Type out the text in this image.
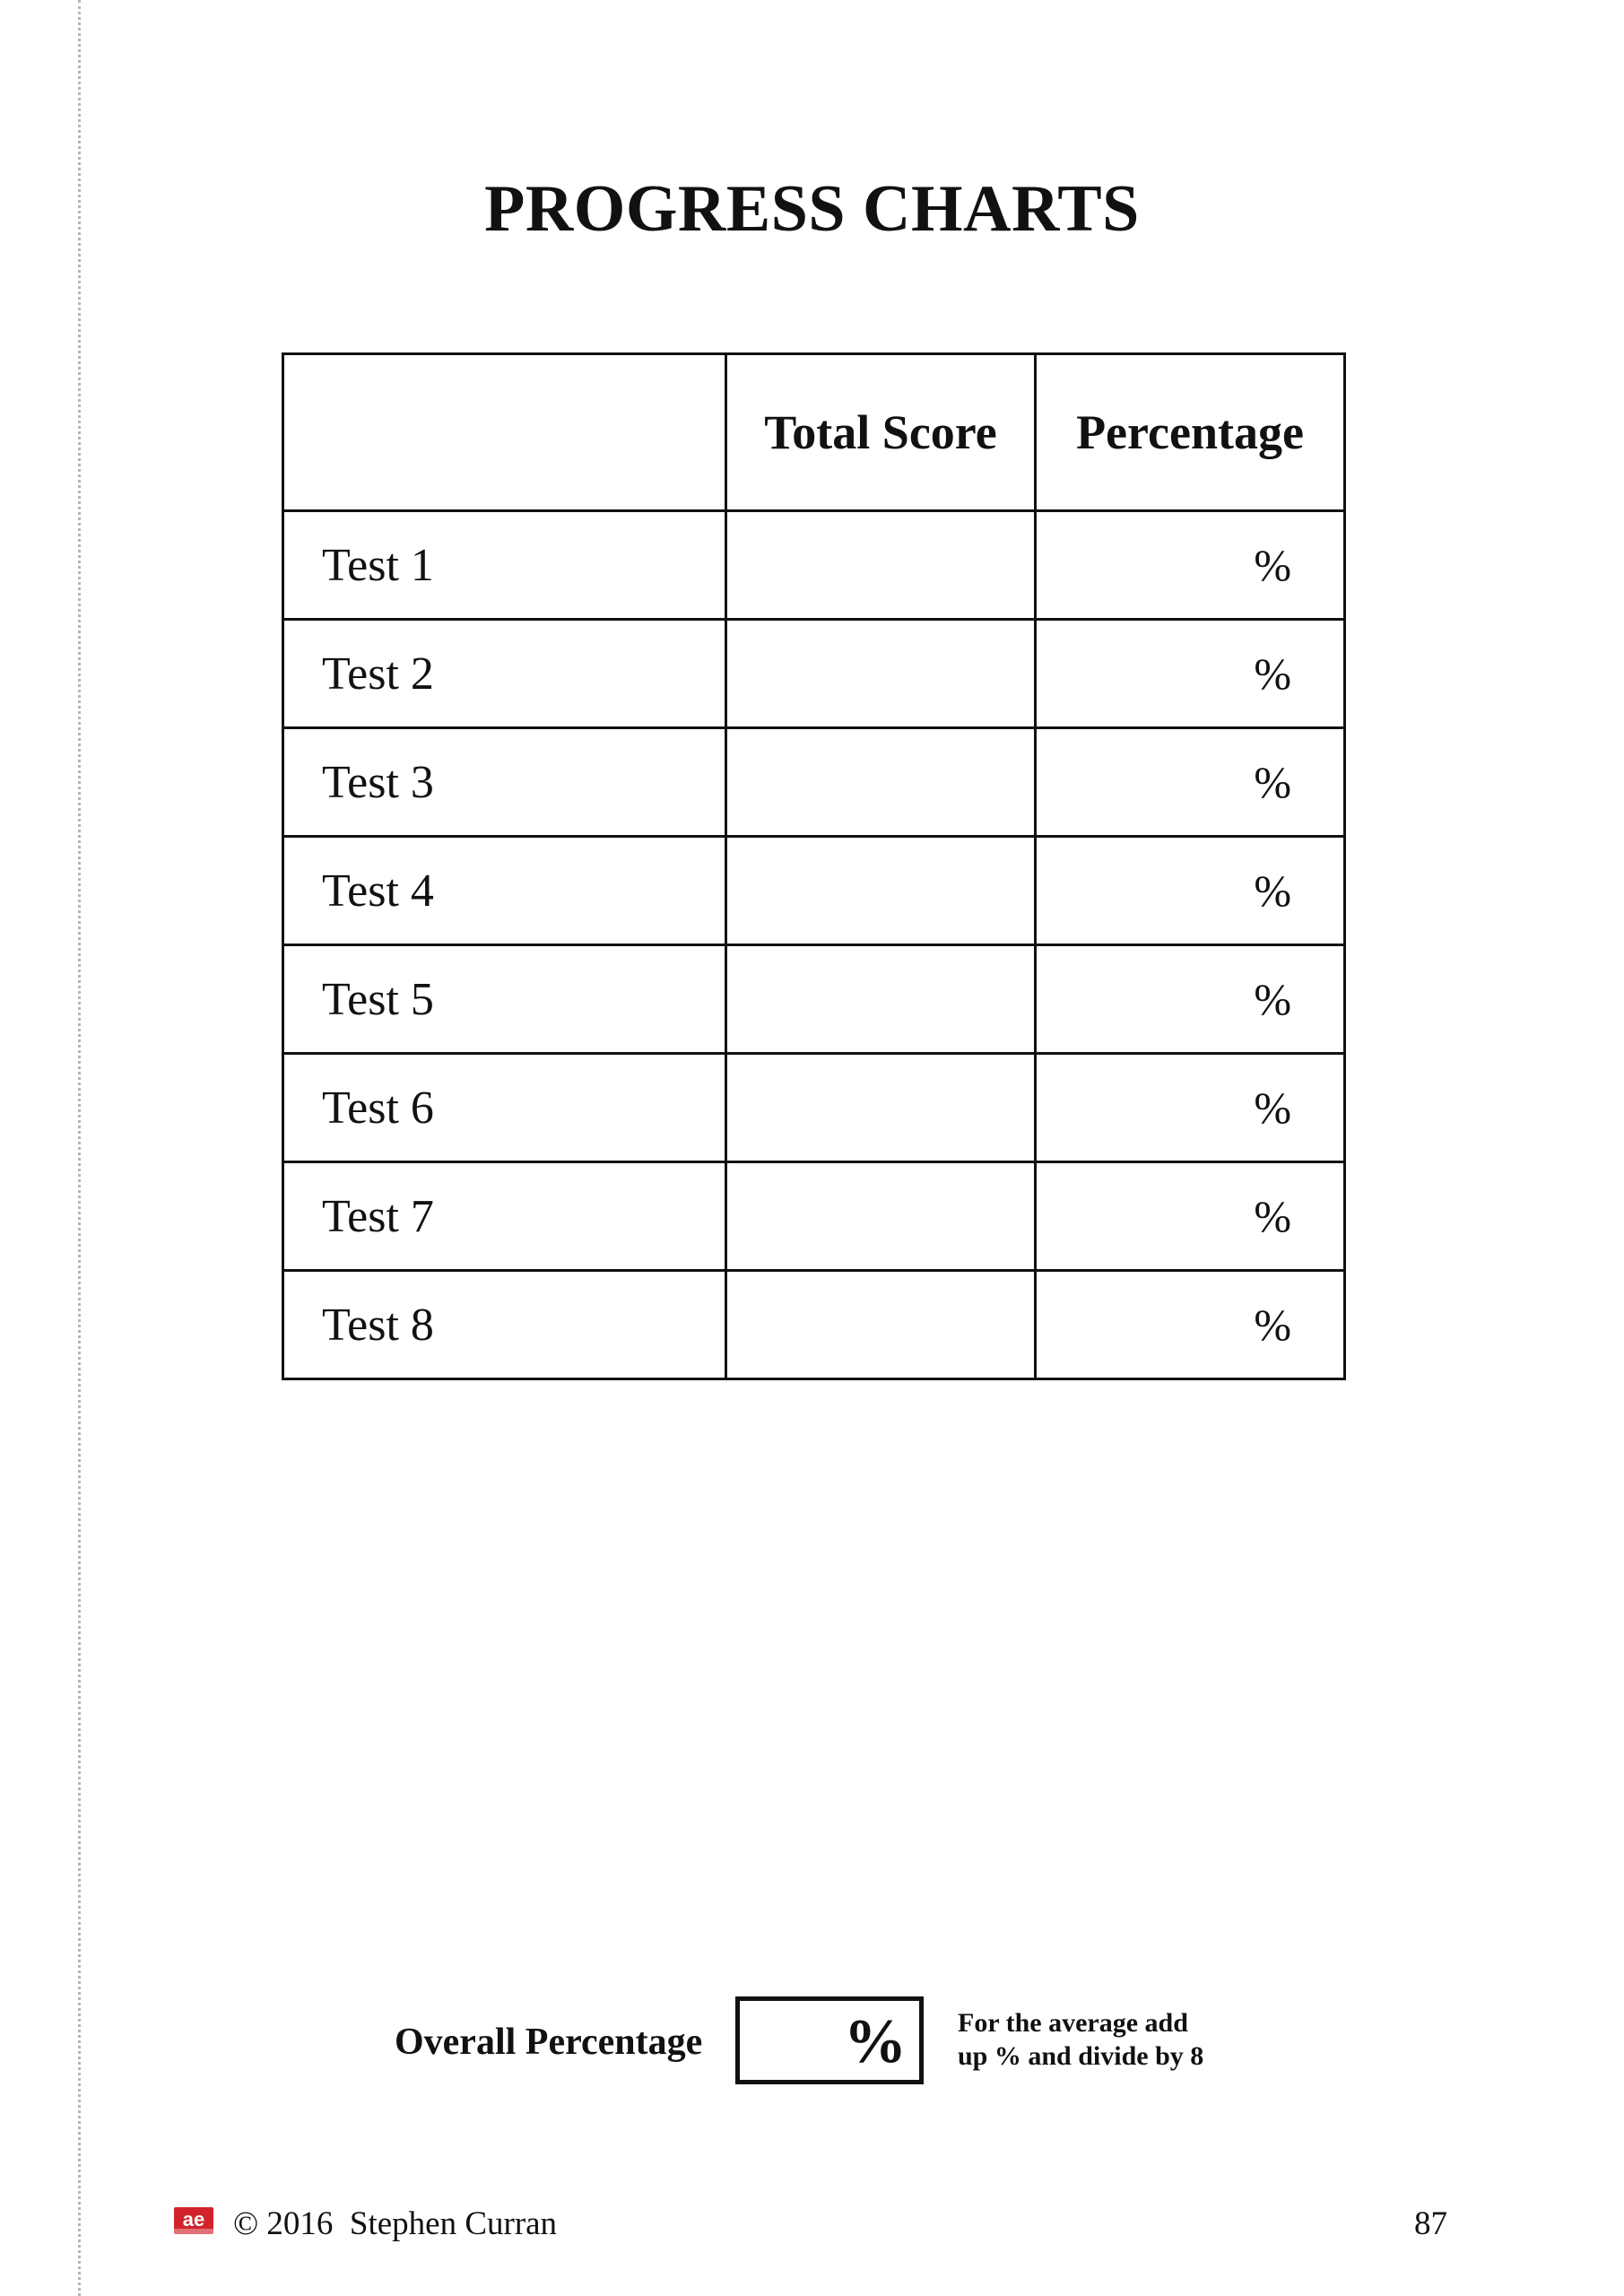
PROGRESS CHARTS
	Total Score	Percentage
Test 1		%
Test 2		%
Test 3		%
Test 4		%
Test 5		%
Test 6		%
Test 7		%
Test 8		%
Overall Percentage % For the average add
up % and divide by 8
ae © 2016  Stephen Curran	87
